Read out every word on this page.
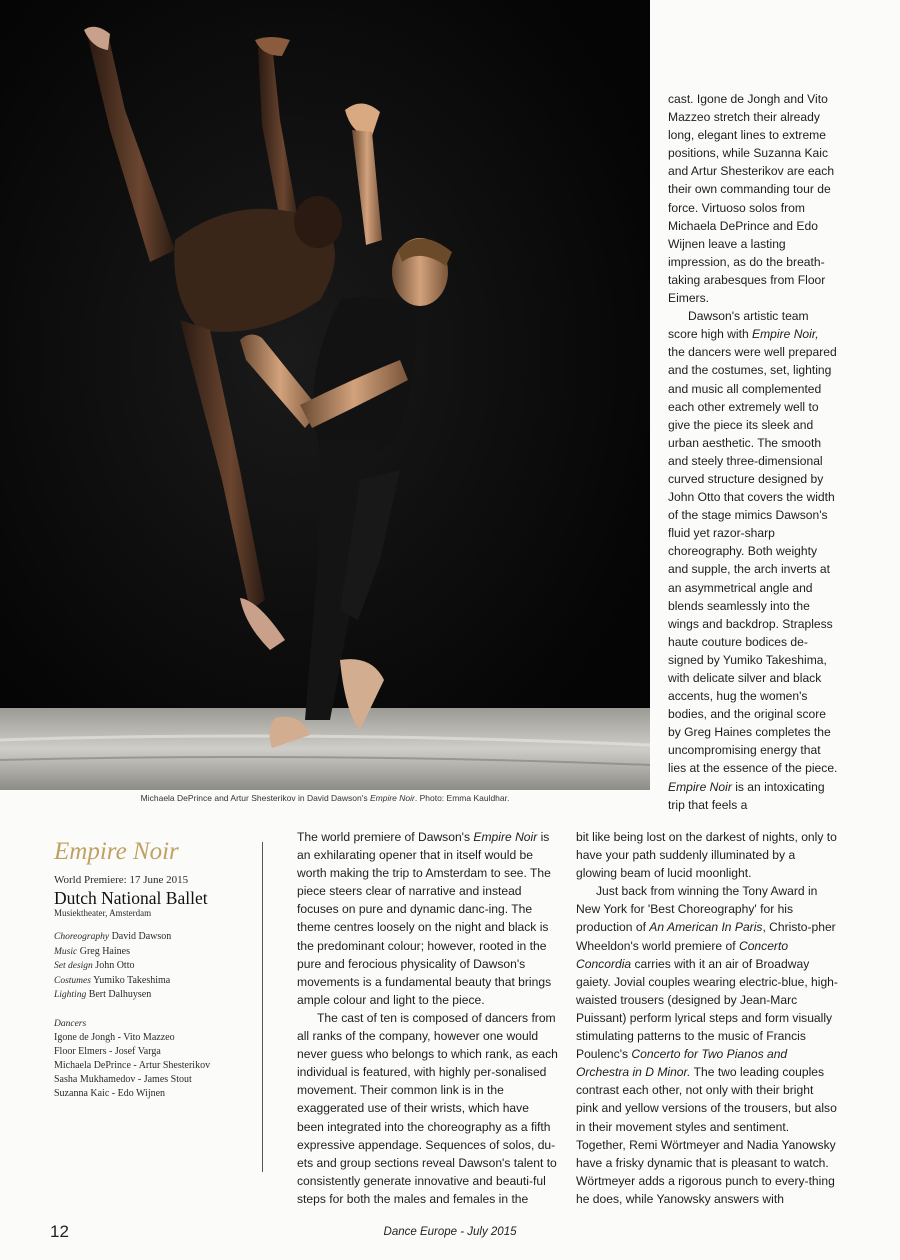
Michaela DePrince and Artur Shesterikov in David Dawson's Empire Noir. Photo: Emma Kauldhar.

cast. Igone de Jongh and Vito Mazzeo stretch their already long, elegant lines to extreme positions, while Suzanna Kaic and Artur Shesterikov are each their own commanding tour de force. Virtuoso solos from Michaela DePrince and Edo Wijnen leave a lasting impression, as do the breath-taking arabesques from Floor Eimers.

Dawson's artistic team score high with Empire Noir, the dancers were well prepared and the costumes, set, lighting and music all complemented each other extremely well to give the piece its sleek and urban aesthetic. The smooth and steely three-dimensional curved structure designed by John Otto that covers the width of the stage mimics Dawson's fluid yet razor-sharp choreography. Both weighty and supple, the arch inverts at an asymmetrical angle and blends seamlessly into the wings and backdrop. Strapless haute couture bodices de-signed by Yumiko Takeshima, with delicate silver and black accents, hug the women's bodies, and the original score by Greg Haines completes the uncompromising energy that lies at the essence of the piece. Empire Noir is an intoxicating trip that feels a

Empire Noir
World Premiere: 17 June 2015
Dutch National Ballet
Musiektheater, Amsterdam
Choreography David Dawson
Music Greg Haines
Set design John Otto
Costumes Yumiko Takeshima
Lighting Bert Dalhuysen
Dancers
Igone de Jongh - Vito Mazzeo
Floor Elmers - Josef Varga
Michaela DePrince - Artur Shesterikov
Sasha Mukhamedov - James Stout
Suzanna Kaic - Edo Wijnen

The world premiere of Dawson's Empire Noir is an exhilarating opener that in itself would be worth making the trip to Amsterdam to see. The piece steers clear of narrative and instead focuses on pure and dynamic danc-ing. The theme centres loosely on the night and black is the predominant colour; however, rooted in the pure and ferocious physicality of Dawson's movements is a fundamental beauty that brings ample colour and light to the piece.

The cast of ten is composed of dancers from all ranks of the company, however one would never guess who belongs to which rank, as each individual is featured, with highly per-sonalised movement. Their common link is in the exaggerated use of their wrists, which have been integrated into the choreography as a fifth expressive appendage. Sequences of solos, du-ets and group sections reveal Dawson's talent to consistently generate innovative and beauti-ful steps for both the males and females in the

bit like being lost on the darkest of nights, only to have your path suddenly illuminated by a glowing beam of lucid moonlight.

Just back from winning the Tony Award in New York for 'Best Choreography' for his production of An American In Paris, Christo-pher Wheeldon's world premiere of Concerto Concordia carries with it an air of Broadway gaiety. Jovial couples wearing electric-blue, high-waisted trousers (designed by Jean-Marc Puissant) perform lyrical steps and form visually stimulating patterns to the music of Francis Poulenc's Concerto for Two Pianos and Orchestra in D Minor. The two leading couples contrast each other, not only with their bright pink and yellow versions of the trousers, but also in their movement styles and sentiment. Together, Remi Wörtmeyer and Nadia Yanowsky have a frisky dynamic that is pleasant to watch. Wörtmeyer adds a rigorous punch to every-thing he does, while Yanowsky answers with

12	Dance Europe - July 2015
